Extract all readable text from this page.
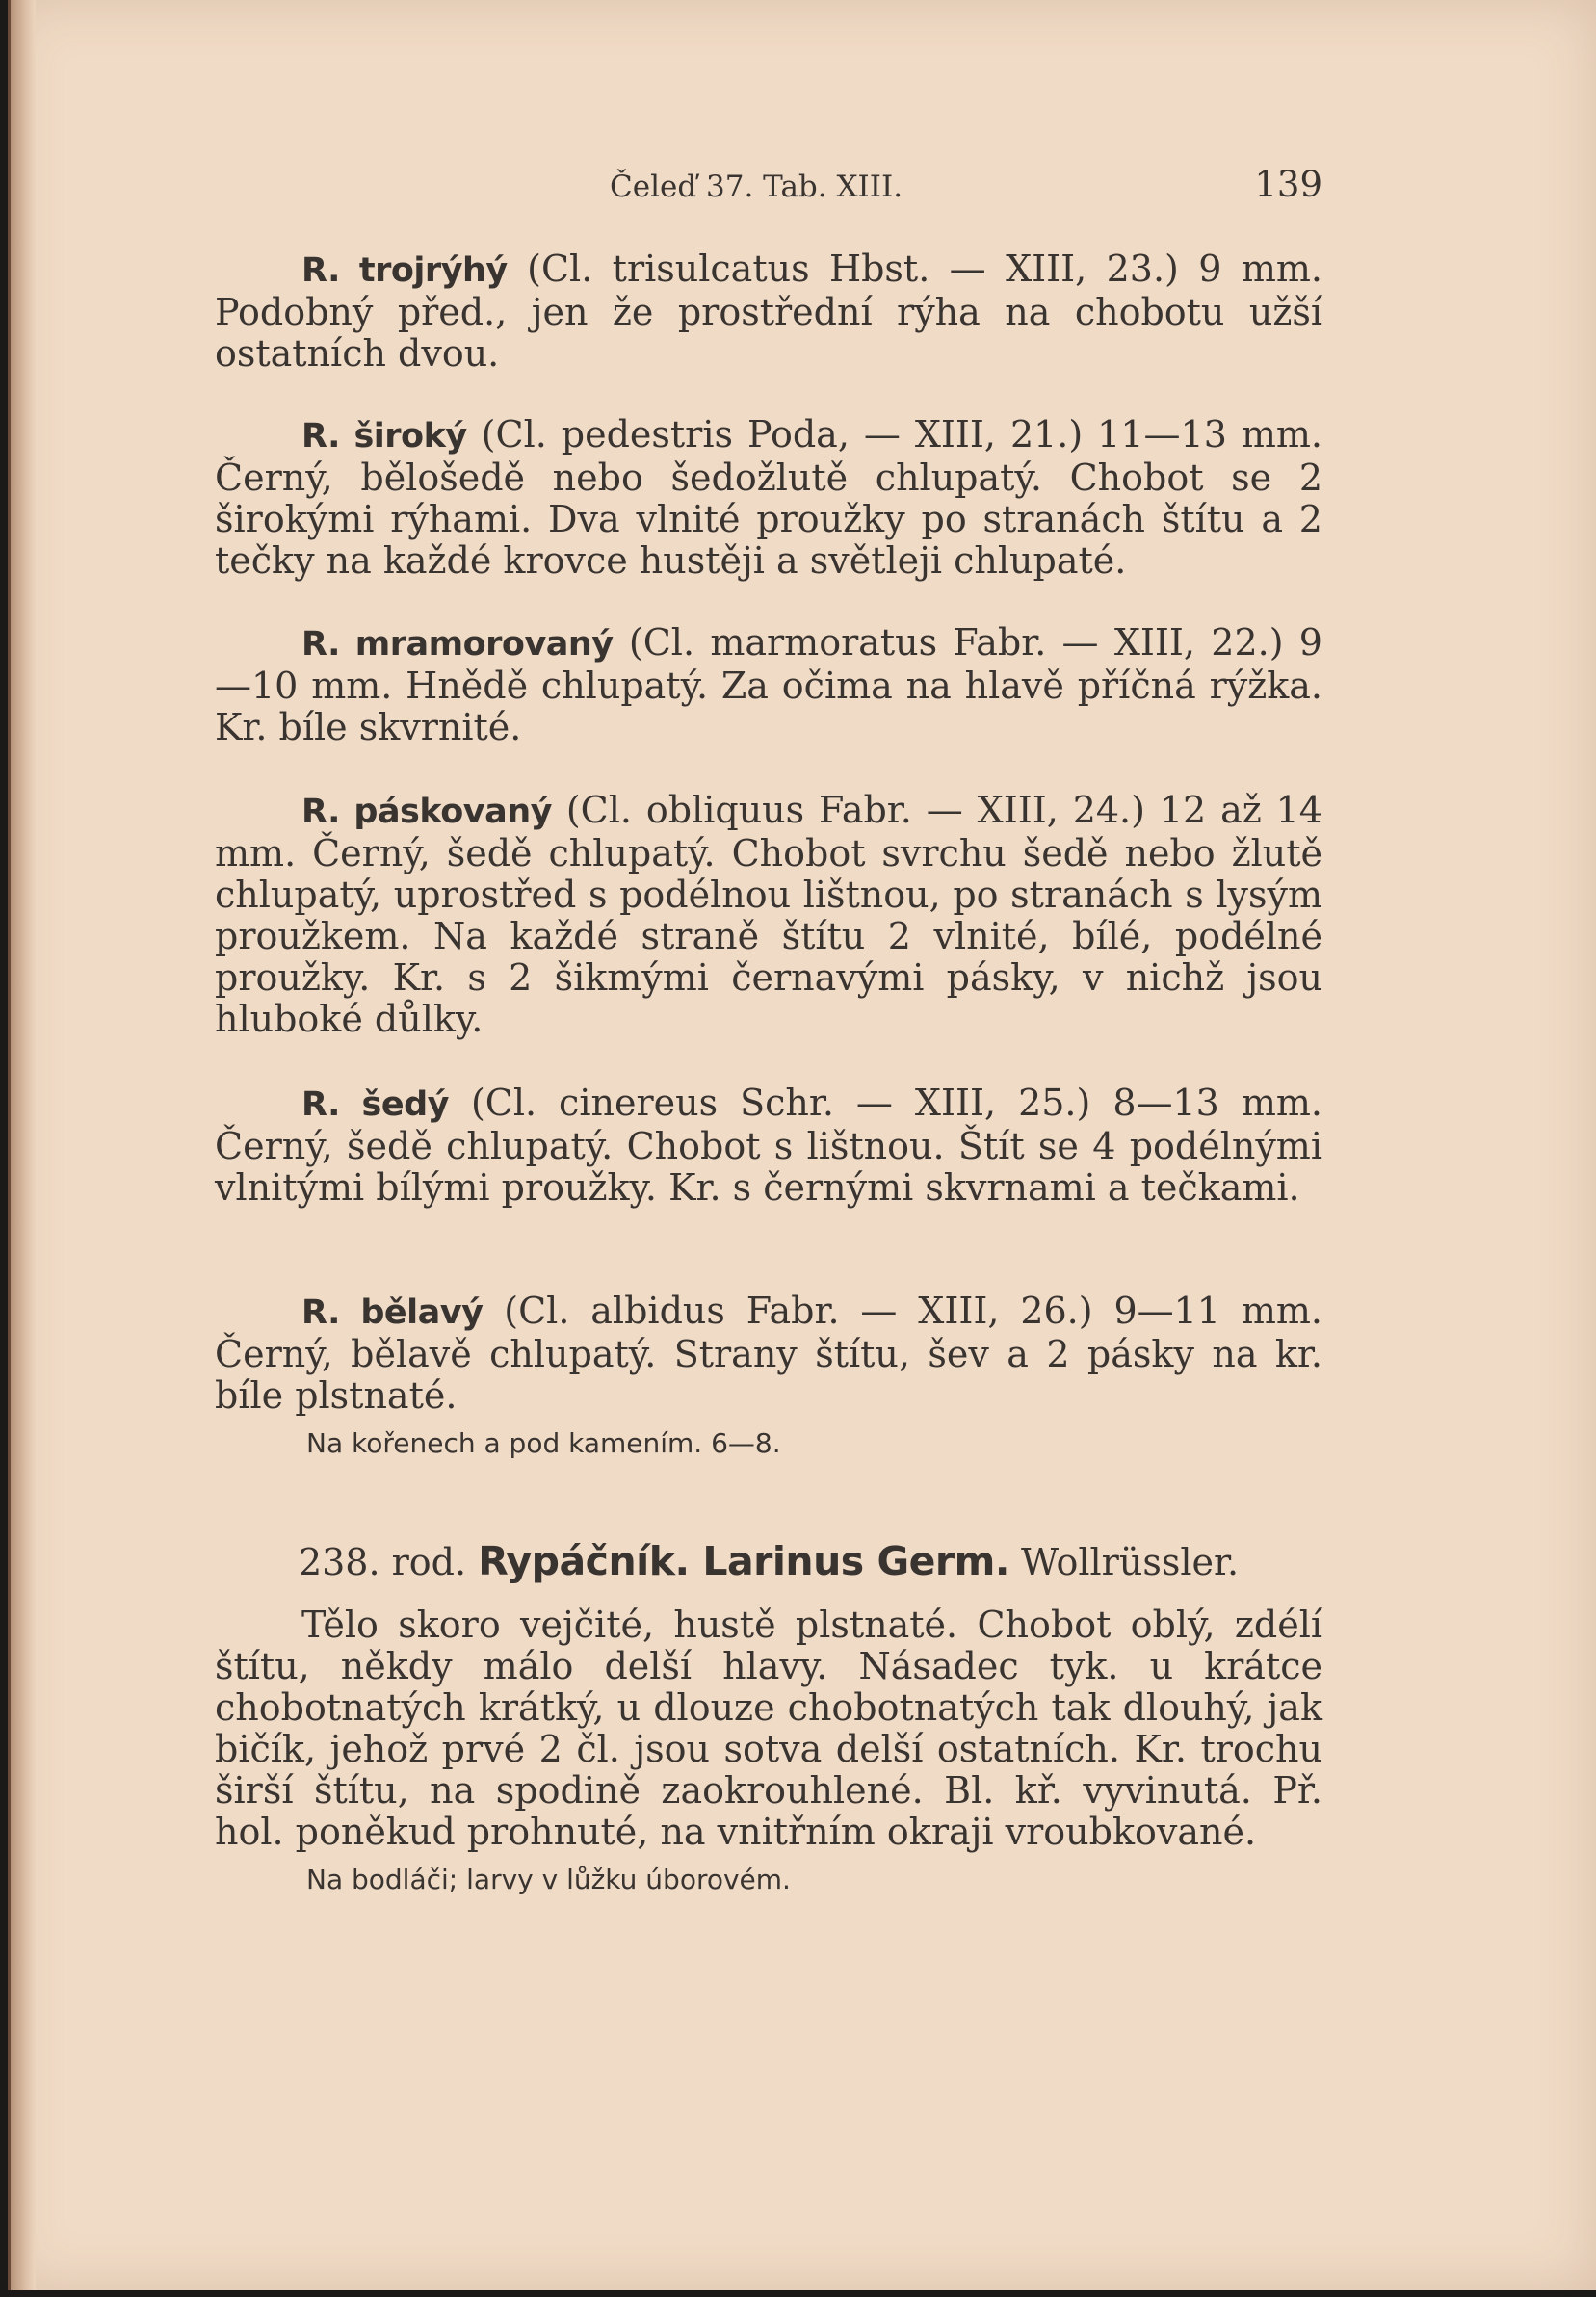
Čeleď 37. Tab. XIII.	139

R. trojrýhý (Cl. trisulcatus Hbst. — XIII, 23.) 9 mm. Podobný před., jen že prostřední rýha na chobotu užší ostatních dvou.

R. široký (Cl. pedestris Poda, — XIII, 21.) 11—13 mm. Černý, bělošedě nebo šedožlutě chlupatý. Chobot se 2 širokými rýhami. Dva vlnité proužky po stranách štítu a 2 tečky na každé krovce hustěji a světleji chlupaté.

R. mramorovaný (Cl. marmoratus Fabr. — XIII, 22.) 9—10 mm. Hnědě chlupatý. Za očima na hlavě příčná rýžka. Kr. bíle skvrnité.

R. páskovaný (Cl. obliquus Fabr. — XIII, 24.) 12 až 14 mm. Černý, šedě chlupatý. Chobot svrchu šedě nebo žlutě chlupatý, uprostřed s podélnou lištnou, po stranách s lysým proužkem. Na každé straně štítu 2 vlnité, bílé, podélné proužky. Kr. s 2 šikmými černavými pásky, v nichž jsou hluboké důlky.

R. šedý (Cl. cinereus Schr. — XIII, 25.) 8—13 mm. Černý, šedě chlupatý. Chobot s lištnou. Štít se 4 podélnými vlnitými bílými proužky. Kr. s černými skvrnami a tečkami.

R. bělavý (Cl. albidus Fabr. — XIII, 26.) 9—11 mm. Černý, bělavě chlupatý. Strany štítu, šev a 2 pásky na kr. bíle plstnaté.

Na kořenech a pod kamením. 6—8.

238. rod. Rypáčník. Larinus Germ. Wollrüssler.

Tělo skoro vejčité, hustě plstnaté. Chobot oblý, zdélí štítu, někdy málo delší hlavy. Násadec tyk. u krátce chobotnatých krátký, u dlouze chobotnatých tak dlouhý, jak bičík, jehož prvé 2 čl. jsou sotva delší ostatních. Kr. trochu širší štítu, na spodině zaokrouhlené. Bl. kř. vyvinutá. Př. hol. poněkud prohnuté, na vnitřním okraji vroubkované.

Na bodláči; larvy v lůžku úborovém.
